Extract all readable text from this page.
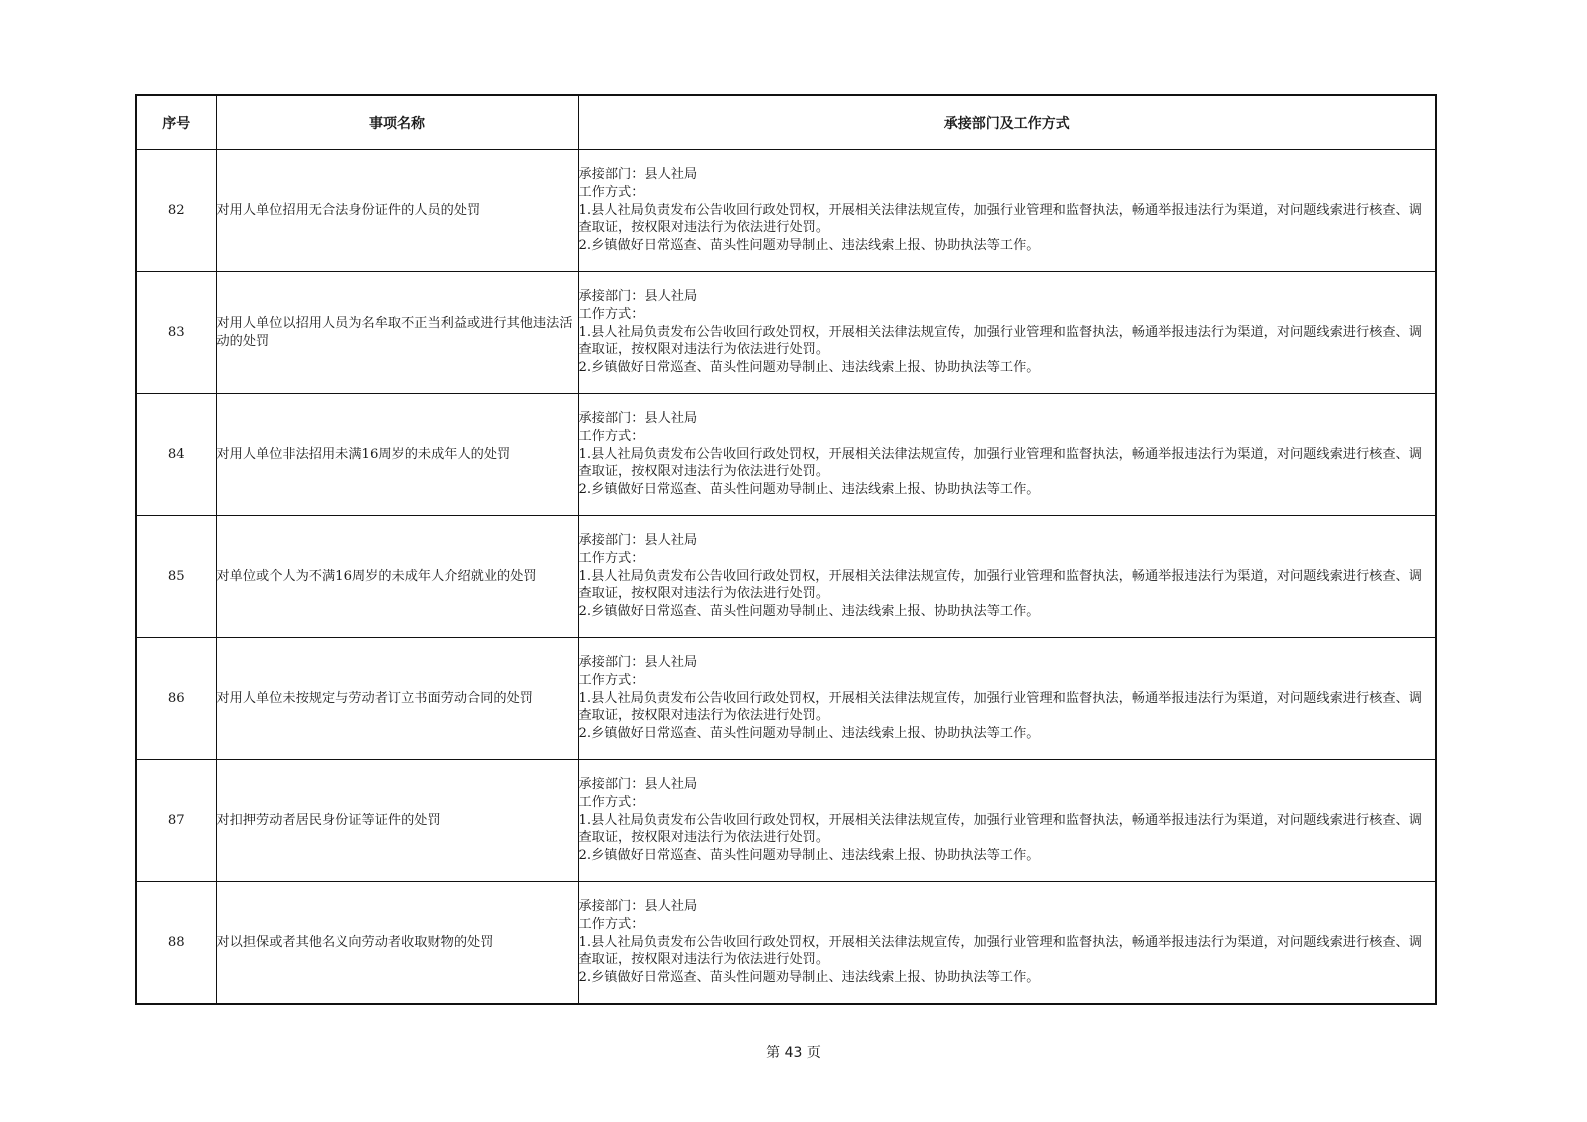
序号	事项名称	承接部门及工作方式
82	对用人单位招用无合法身份证件的人员的处罚	承接部门：县人社局
工作方式：
1.县人社局负责发布公告收回行政处罚权，开展相关法律法规宣传，加强行业管理和监督执法，畅通举报违法行为渠道，对问题线索进行核查、调查取证，按权限对违法行为依法进行处罚。
2.乡镇做好日常巡查、苗头性问题劝导制止、违法线索上报、协助执法等工作。

83	对用人单位以招用人员为名牟取不正当利益或进行其他违法活动的处罚	承接部门：县人社局
工作方式：
1.县人社局负责发布公告收回行政处罚权，开展相关法律法规宣传，加强行业管理和监督执法，畅通举报违法行为渠道，对问题线索进行核查、调查取证，按权限对违法行为依法进行处罚。
2.乡镇做好日常巡查、苗头性问题劝导制止、违法线索上报、协助执法等工作。

84	对用人单位非法招用未满16周岁的未成年人的处罚	承接部门：县人社局
工作方式：
1.县人社局负责发布公告收回行政处罚权，开展相关法律法规宣传，加强行业管理和监督执法，畅通举报违法行为渠道，对问题线索进行核查、调查取证，按权限对违法行为依法进行处罚。
2.乡镇做好日常巡查、苗头性问题劝导制止、违法线索上报、协助执法等工作。

85	对单位或个人为不满16周岁的未成年人介绍就业的处罚	承接部门：县人社局
工作方式：
1.县人社局负责发布公告收回行政处罚权，开展相关法律法规宣传，加强行业管理和监督执法，畅通举报违法行为渠道，对问题线索进行核查、调查取证，按权限对违法行为依法进行处罚。
2.乡镇做好日常巡查、苗头性问题劝导制止、违法线索上报、协助执法等工作。

86	对用人单位未按规定与劳动者订立书面劳动合同的处罚	承接部门：县人社局
工作方式：
1.县人社局负责发布公告收回行政处罚权，开展相关法律法规宣传，加强行业管理和监督执法，畅通举报违法行为渠道，对问题线索进行核查、调查取证，按权限对违法行为依法进行处罚。
2.乡镇做好日常巡查、苗头性问题劝导制止、违法线索上报、协助执法等工作。

87	对扣押劳动者居民身份证等证件的处罚	承接部门：县人社局
工作方式：
1.县人社局负责发布公告收回行政处罚权，开展相关法律法规宣传，加强行业管理和监督执法，畅通举报违法行为渠道，对问题线索进行核查、调查取证，按权限对违法行为依法进行处罚。
2.乡镇做好日常巡查、苗头性问题劝导制止、违法线索上报、协助执法等工作。

88	对以担保或者其他名义向劳动者收取财物的处罚	承接部门：县人社局
工作方式：
1.县人社局负责发布公告收回行政处罚权，开展相关法律法规宣传，加强行业管理和监督执法，畅通举报违法行为渠道，对问题线索进行核查、调查取证，按权限对违法行为依法进行处罚。
2.乡镇做好日常巡查、苗头性问题劝导制止、违法线索上报、协助执法等工作。
第 43 页
